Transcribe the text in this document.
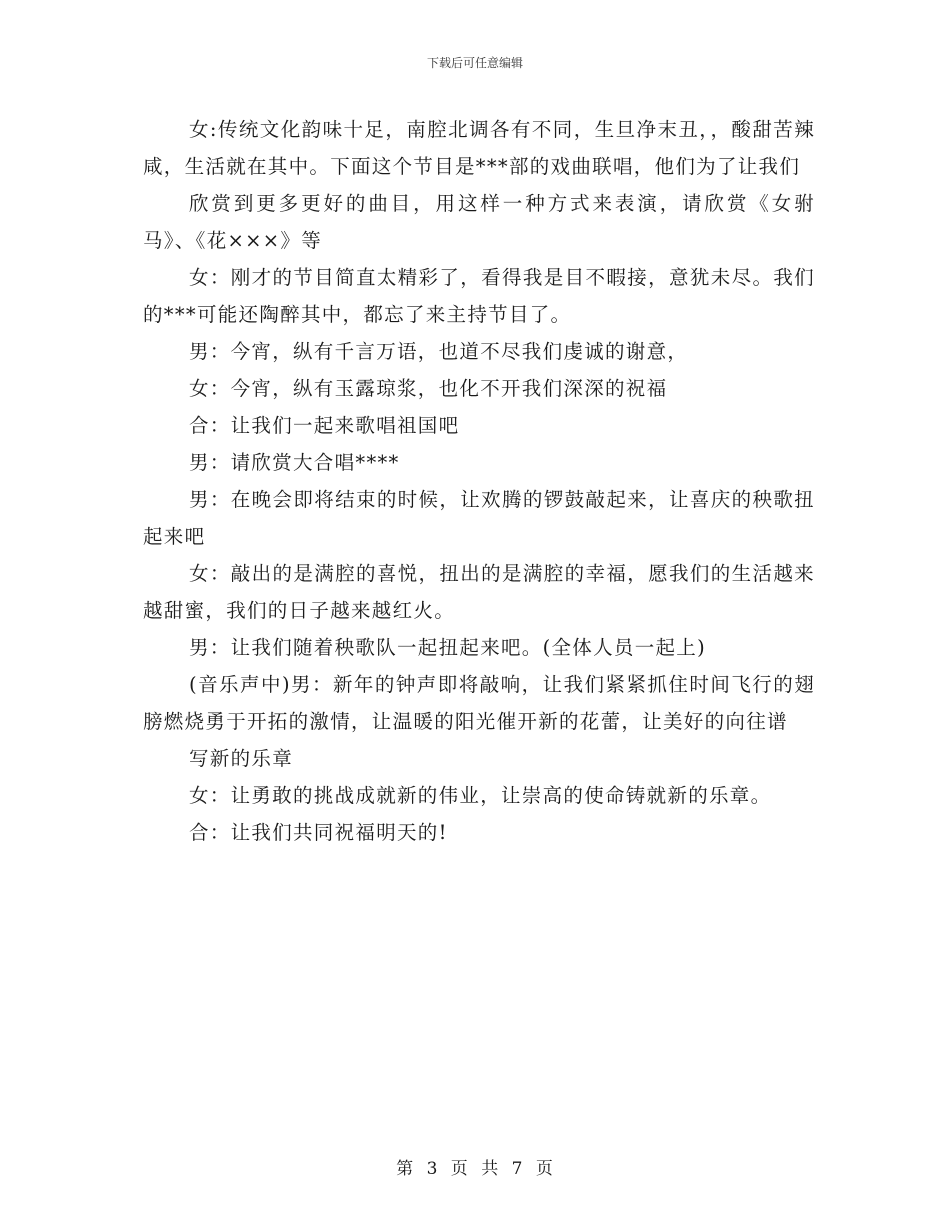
下载后可任意编辑

女:传统文化韵味十足，南腔北调各有不同，生旦净末丑，，酸甜苦辣咸，生活就在其中。下面这个节目是***部的戏曲联唱，他们为了让我们

欣赏到更多更好的曲目，用这样一种方式来表演，请欣赏《女驸马》、《花×××》等

女：刚才的节目简直太精彩了，看得我是目不暇接，意犹未尽。我们的***可能还陶醉其中，都忘了来主持节目了。

男：今宵，纵有千言万语，也道不尽我们虔诚的谢意，

女：今宵，纵有玉露琼浆，也化不开我们深深的祝福

合：让我们一起来歌唱祖国吧

男：请欣赏大合唱****

男：在晚会即将结束的时候，让欢腾的锣鼓敲起来，让喜庆的秧歌扭起来吧

女：敲出的是满腔的喜悦，扭出的是满腔的幸福，愿我们的生活越来越甜蜜，我们的日子越来越红火。

男：让我们随着秧歌队一起扭起来吧。(全体人员一起上)

(音乐声中)男：新年的钟声即将敲响，让我们紧紧抓住时间飞行的翅膀燃烧勇于开拓的激情，让温暖的阳光催开新的花蕾，让美好的向往谱

写新的乐章

女：让勇敢的挑战成就新的伟业，让崇高的使命铸就新的乐章。

合：让我们共同祝福明天的!

第 3 页 共 7 页
